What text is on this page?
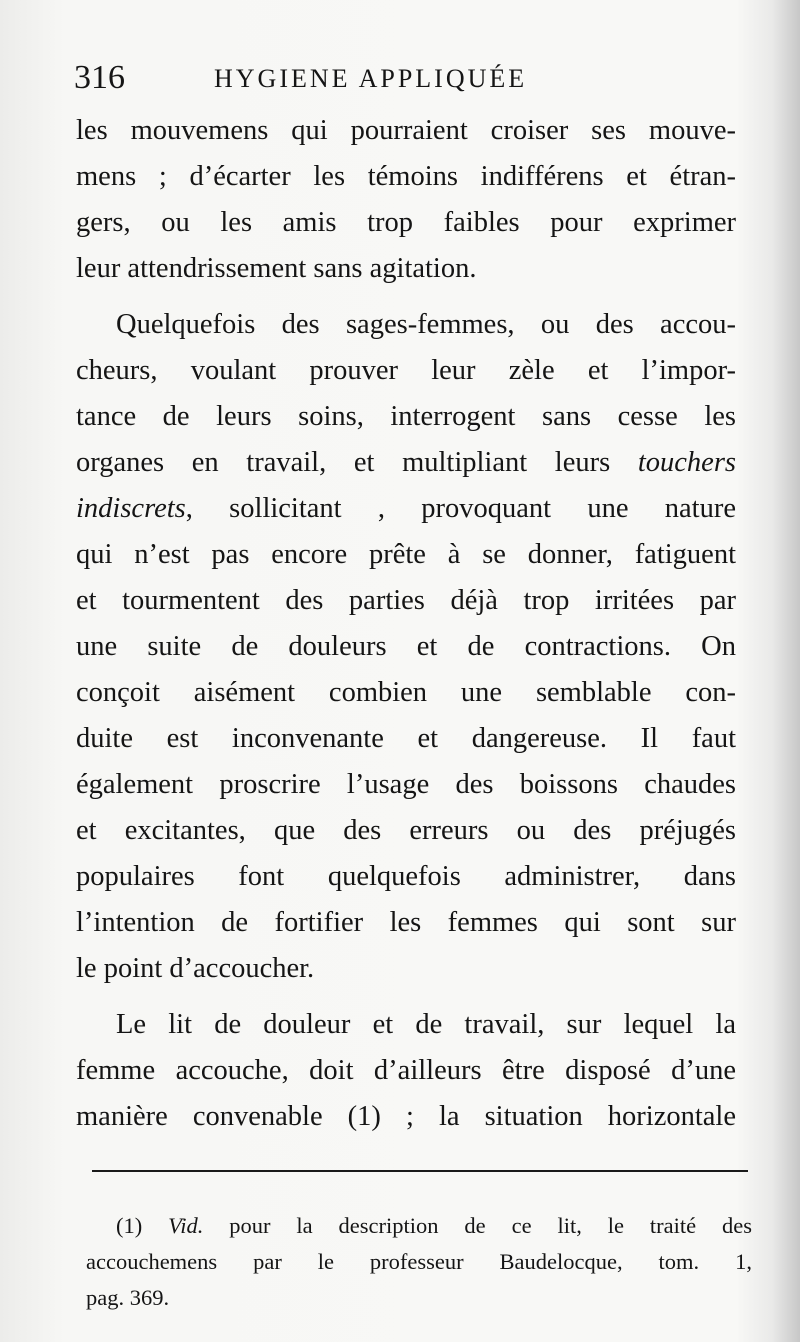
316	HYGIENE APPLIQUÉE
les mouvemens qui pourraient croiser ses mouve-
mens ; d’écarter les témoins indifférens et étran-
gers, ou les amis trop faibles pour exprimer
leur attendrissement sans agitation.
Quelquefois des sages-femmes, ou des accou-
cheurs, voulant prouver leur zèle et l’impor-
tance de leurs soins, interrogent sans cesse les
organes en travail, et multipliant leurs touchers
indiscrets, sollicitant , provoquant une nature
qui n’est pas encore prête à se donner, fatiguent
et tourmentent des parties déjà trop irritées par
une suite de douleurs et de contractions. On
conçoit aisément combien une semblable con-
duite est inconvenante et dangereuse. Il faut
également proscrire l’usage des boissons chaudes
et excitantes, que des erreurs ou des préjugés
populaires font quelquefois administrer, dans
l’intention de fortifier les femmes qui sont sur
le point d’accoucher.
Le lit de douleur et de travail, sur lequel la
femme accouche, doit d’ailleurs être disposé d’une
manière convenable (1) ; la situation horizontale
(1) Vid. pour la description de ce lit, le traité des
accouchemens par le professeur Baudelocque, tom. 1,
pag. 369.
